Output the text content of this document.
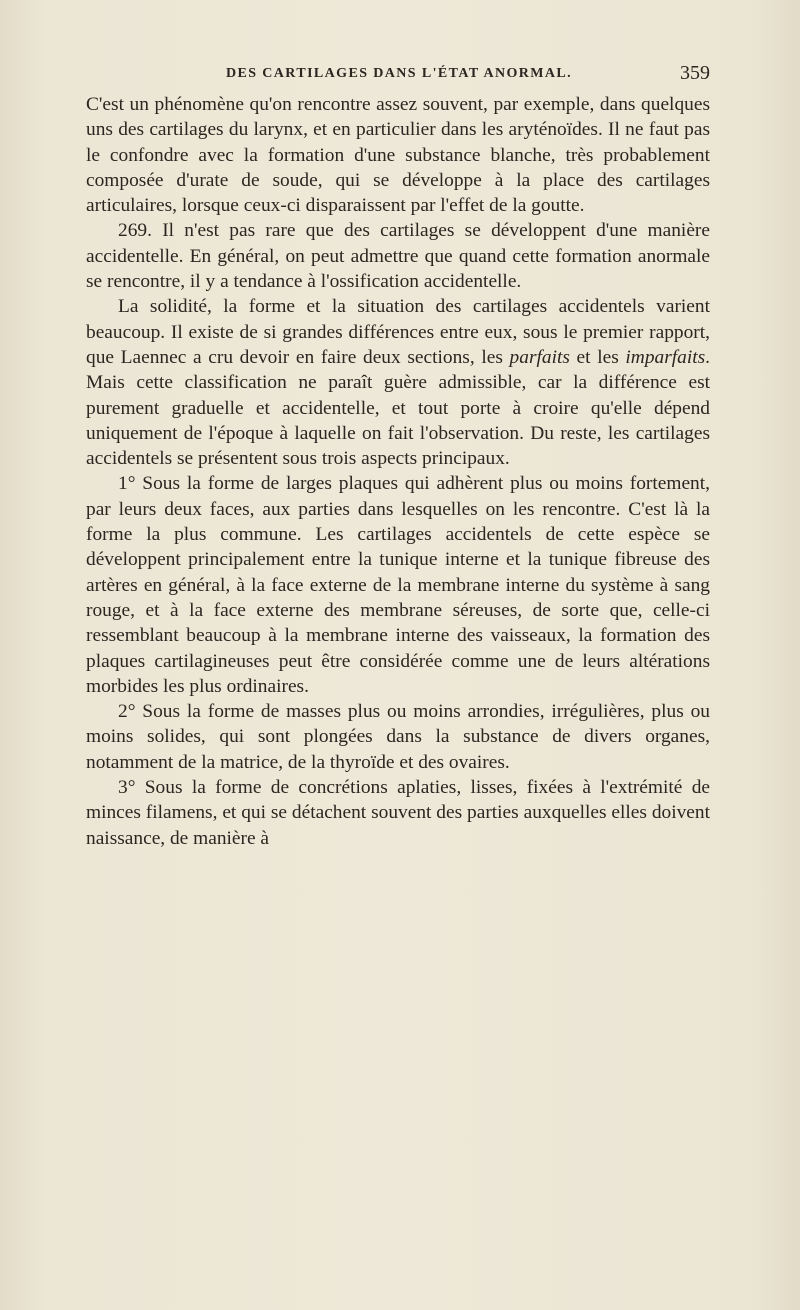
DES CARTILAGES DANS L'ÉTAT ANORMAL.	359

C'est un phénomène qu'on rencontre assez souvent, par exemple, dans quelques uns des cartilages du larynx, et en particulier dans les aryténoïdes. Il ne faut pas le confondre avec la formation d'une substance blanche, très probablement composée d'urate de soude, qui se développe à la place des cartilages articulaires, lorsque ceux-ci disparaissent par l'effet de la goutte.

269. Il n'est pas rare que des cartilages se développent d'une manière accidentelle. En général, on peut admettre que quand cette formation anormale se rencontre, il y a tendance à l'ossification accidentelle.

La solidité, la forme et la situation des cartilages accidentels varient beaucoup. Il existe de si grandes différences entre eux, sous le premier rapport, que Laennec a cru devoir en faire deux sections, les parfaits et les imparfaits. Mais cette classification ne paraît guère admissible, car la différence est purement graduelle et accidentelle, et tout porte à croire qu'elle dépend uniquement de l'époque à laquelle on fait l'observation. Du reste, les cartilages accidentels se présentent sous trois aspects principaux.

1° Sous la forme de larges plaques qui adhèrent plus ou moins fortement, par leurs deux faces, aux parties dans lesquelles on les rencontre. C'est là la forme la plus commune. Les cartilages accidentels de cette espèce se développent principalement entre la tunique interne et la tunique fibreuse des artères en général, à la face externe de la membrane interne du système à sang rouge, et à la face externe des membrane séreuses, de sorte que, celle-ci ressemblant beaucoup à la membrane interne des vaisseaux, la formation des plaques cartilagineuses peut être considérée comme une de leurs altérations morbides les plus ordinaires.

2° Sous la forme de masses plus ou moins arrondies, irrégulières, plus ou moins solides, qui sont plongées dans la substance de divers organes, notamment de la matrice, de la thyroïde et des ovaires.

3° Sous la forme de concrétions aplaties, lisses, fixées à l'extrémité de minces filamens, et qui se détachent souvent des parties auxquelles elles doivent naissance, de manière à
